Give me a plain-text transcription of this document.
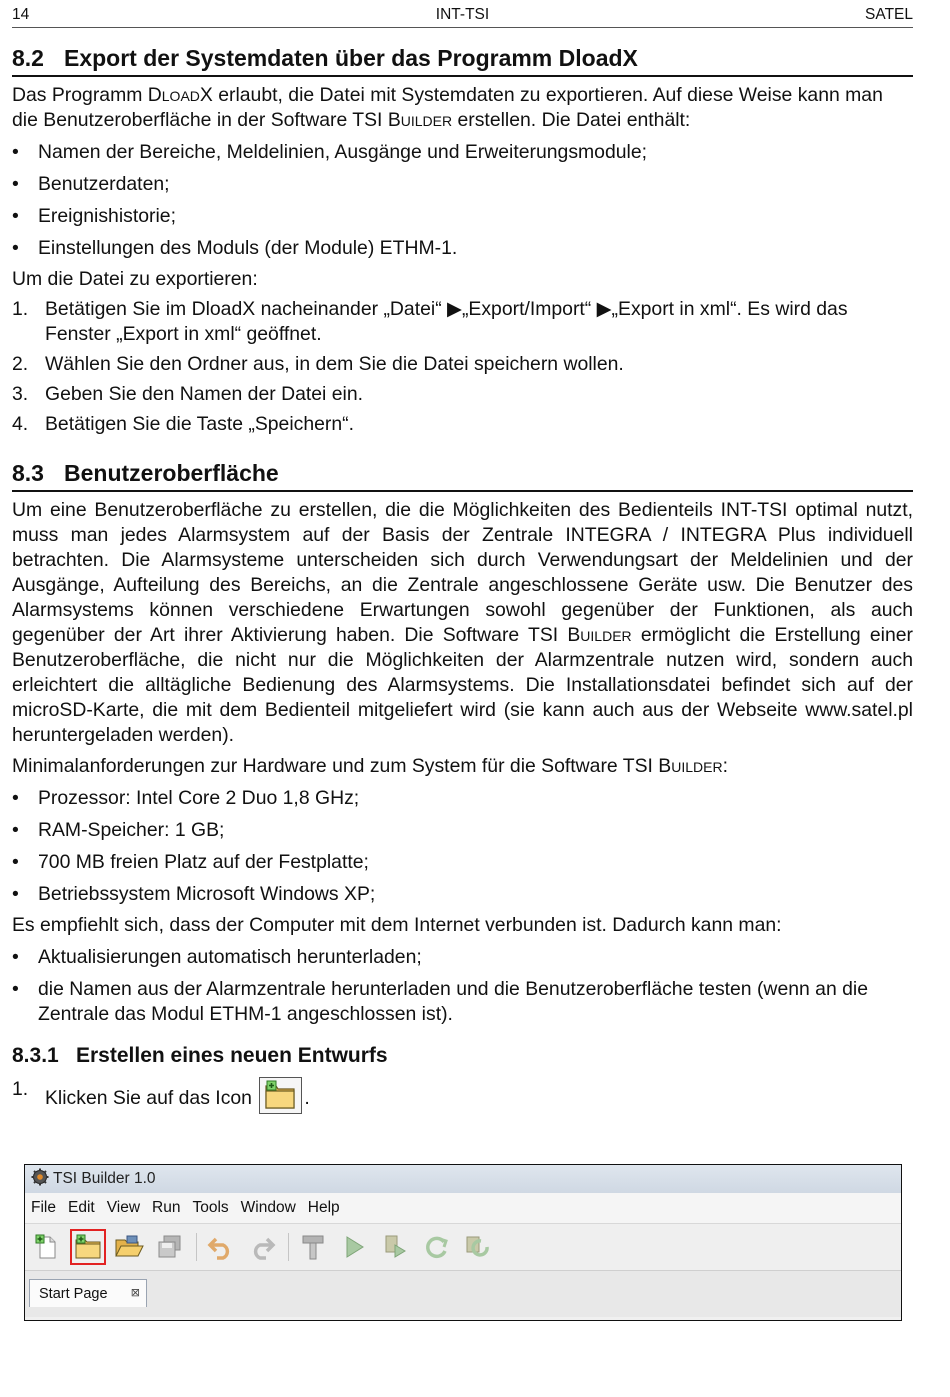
14	INT-TSI	SATEL
8.2 Export der Systemdaten über das Programm DloadX

Das Programm DloadX erlaubt, die Datei mit Systemdaten zu exportieren. Auf diese Weise kann man die Benutzeroberfläche in der Software TSI Builder erstellen. Die Datei enthält:

• Namen der Bereiche, Meldelinien, Ausgänge und Erweiterungsmodule;
• Benutzerdaten;
• Ereignishistorie;
• Einstellungen des Moduls (der Module) ETHM-1.

Um die Datei zu exportieren:

1. Betätigen Sie im DloadX nacheinander „Datei“ ▶„Export/Import“ ▶„Export in xml“. Es wird das Fenster „Export in xml“ geöffnet.
2. Wählen Sie den Ordner aus, in dem Sie die Datei speichern wollen.
3. Geben Sie den Namen der Datei ein.
4. Betätigen Sie die Taste „Speichern“.
8.3 Benutzeroberfläche

Um eine Benutzeroberfläche zu erstellen, die die Möglichkeiten des Bedienteils INT-TSI optimal nutzt, muss man jedes Alarmsystem auf der Basis der Zentrale INTEGRA / INTEGRA Plus individuell betrachten. Die Alarmsysteme unterscheiden sich durch Verwendungsart der Meldelinien und der Ausgänge, Aufteilung des Bereichs, an die Zentrale angeschlossene Geräte usw. Die Benutzer des Alarmsystems können verschiedene Erwartungen sowohl gegenüber der Funktionen, als auch gegenüber der Art ihrer Aktivierung haben. Die Software TSI Builder ermöglicht die Erstellung einer Benutzeroberfläche, die nicht nur die Möglichkeiten der Alarmzentrale nutzen wird, sondern auch erleichtert die alltägliche Bedienung des Alarmsystems. Die Installationsdatei befindet sich auf der microSD-Karte, die mit dem Bedienteil mitgeliefert wird (sie kann auch aus der Webseite www.satel.pl heruntergeladen werden).

Minimalanforderungen zur Hardware und zum System für die Software TSI Builder:

• Prozessor: Intel Core 2 Duo 1,8 GHz;
• RAM-Speicher: 1 GB;
• 700 MB freien Platz auf der Festplatte;
• Betriebssystem Microsoft Windows XP;

Es empfiehlt sich, dass der Computer mit dem Internet verbunden ist. Dadurch kann man:

• Aktualisierungen automatisch herunterladen;
• die Namen aus der Alarmzentrale herunterladen und die Benutzeroberfläche testen (wenn an die Zentrale das Modul ETHM-1 angeschlossen ist).
8.3.1 Erstellen eines neuen Entwurfs
1. Klicken Sie auf das Icon	.
TSI Builder 1.0
File Edit View Run Tools Window Help
Start Page ⊠
